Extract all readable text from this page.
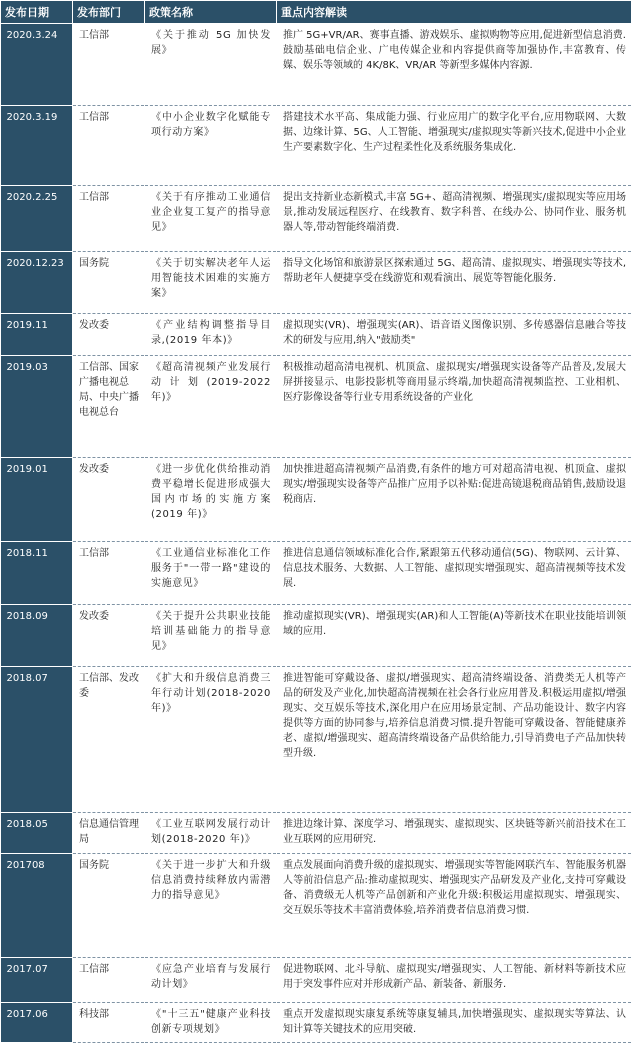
发布日期	发布部门	政策名称	重点内容解读
2020.3.24	工信部	《关于推动 5G 加快发展》	推广 5G+VR/AR、赛事直播、游戏娱乐、虚拟购物等应用,促进新型信息消费.鼓励基础电信企业、广电传媒企业和内容提供商等加强协作,丰富教育、传媒、娱乐等领域的 4K/8K、VR/AR 等新型多媒体内容源.
2020.3.19	工信部	《中小企业数字化赋能专项行动方案》	搭建技术水平高、集成能力强、行业应用广的数字化平台,应用物联网、大数据、边缘计算、5G、人工智能、增强现实/虚拟现实等新兴技术,促进中小企业生产要素数字化、生产过程柔性化及系统服务集成化.
2020.2.25	工信部	《关于有序推动工业通信业企业复工复产的指导意见》	提出支持新业态新模式,丰富 5G+、超高清视频、增强现实/虚拟现实等应用场景,推动发展远程医疗、在线教育、数字科普、在线办公、协同作业、服务机器人等,带动智能终端消费.
2020.12.23	国务院	《关于切实解决老年人运用智能技术困难的实施方案》	指导文化场馆和旅游景区探索通过 5G、超高清、虚拟现实、增强现实等技术,帮助老年人便捷享受在线游览和观看演出、展览等智能化服务.
2019.11	发改委	《产业结构调整指导目录,(2019 年本)》	虚拟现实(VR)、增强现实(AR)、语音语义图像识别、多传感器信息融合等技术的研发与应用,纳入"鼓励类"
2019.03	工信部、国家广播电视总局、中央广播电视总台	《超高清视频产业发展行动计划(2019-2022 年)》	积极推动超高清电视机、机顶盒、虚拟现实/增强现实设备等产品普及,发展大屏拼接显示、电影投影机等商用显示终端,加快超高清视频监控、工业相机、医疗影像设备等行业专用系统设备的产业化
2019.01	发改委	《进一步优化供给推动消费平稳增长促进形成强大国内市场的实施方案(2019 年)》	加快推进超高清视频产品消费,有条件的地方可对超高清电视、机顶盒、虚拟现实/增强现实设备等产品推广应用予以补贴:促进高镜退税商品销售,鼓励设退税商店.
2018.11	工信部	《工业通信业标准化工作服务于"一带一路"建设的实施意见》	推进信息通信领域标准化合作,紧跟第五代移动通信(5G)、物联网、云计算、信息技术服务、大数据、人工智能、虚拟现实增强现实、超高清视频等技术发展.
2018.09	发改委	《关于提升公共职业技能培训基础能力的指导意见》	推动虚拟现实(VR)、增强现实(AR)和人工智能(A)等新技术在职业技能培训领域的应用.
2018.07	工信部、发改委	《扩大和升级信息消费三年行动计划(2018-2020 年)》	推进智能可穿戴设备、虚拟/增强现实、超高清终端设备、消费类无人机等产品的研发及产业化,加快超高清视频在社会各行业应用普及.积极运用虚拟/增强现实、交互娱乐等技术,深化用户在应用场景定制、产品功能设计、数字内容提供等方面的协同参与,培养信息消费习惯.提升智能可穿戴设备、智能健康养老、虚拟/增强现实、超高清终端设备产品供给能力,引导消费电子产品加快转型升级.
2018.05	信息通信管理局	《工业互联网发展行动计划(2018-2020 年)》	推进边缘计算、深度学习、增强现实、虚拟现实、区块链等新兴前沿技术在工业互联网的应用研究.
201708	国务院	《关于进一步扩大和升级信息消费持续释放内需潜力的指导意见》	重点发展面向消费升级的虚拟现实、增强现实等智能网联汽车、智能服务机器人等前沿信息产品:推动虚拟现实、增强现实产品研发及产业化,支持可穿戴设备、消费级无人机等产品创新和产业化升级:积极运用虚拟现实、增强现实、交互娱乐等技术丰富消费体验,培养消费者信息消费习惯.
2017.07	工信部	《应急产业培育与发展行动计划》	促进物联网、北斗导航、虚拟现实/增强现实、人工智能、新材料等新技术应用于突发事件应对并形成新产品、新装备、新服务.
2017.06	科技部	《"十三五"健康产业科技创新专项规划》	重点开发虚拟现实康复系统等康复辅具,加快增强现实、虚拟现实等算法、认知计算等关键技术的应用突破.
